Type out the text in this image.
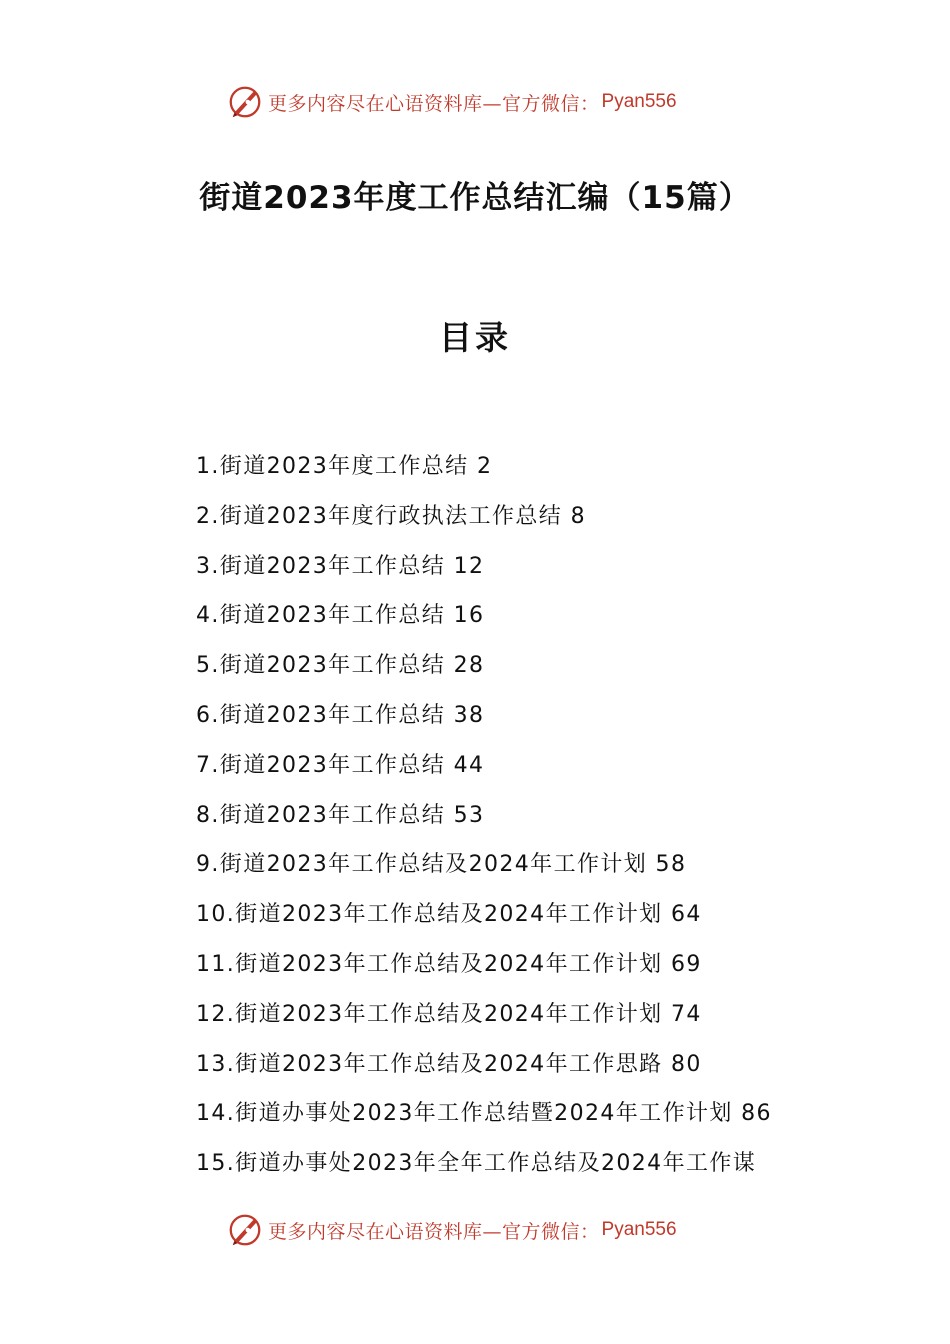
更多内容尽在心语资料库—官方微信： Pyan556
街道2023年度工作总结汇编（15篇）
目录
1.街道2023年度工作总结 2
2.街道2023年度行政执法工作总结 8
3.街道2023年工作总结 12
4.街道2023年工作总结 16
5.街道2023年工作总结 28
6.街道2023年工作总结 38
7.街道2023年工作总结 44
8.街道2023年工作总结 53
9.街道2023年工作总结及2024年工作计划 58
10.街道2023年工作总结及2024年工作计划 64
11.街道2023年工作总结及2024年工作计划 69
12.街道2023年工作总结及2024年工作计划 74
13.街道2023年工作总结及2024年工作思路 80
14.街道办事处2023年工作总结暨2024年工作计划 86
15.街道办事处2023年全年工作总结及2024年工作谋
更多内容尽在心语资料库—官方微信： Pyan556
